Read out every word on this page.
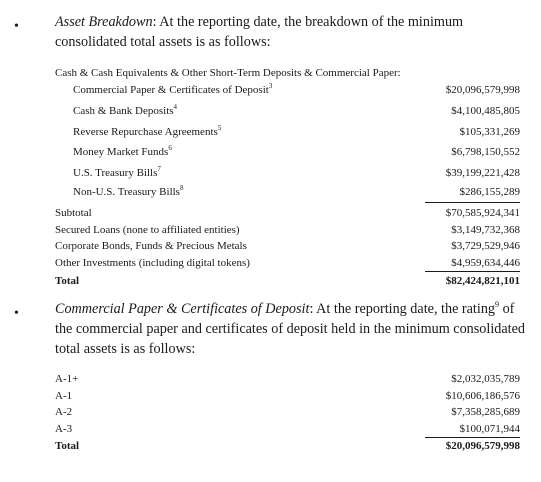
•	Asset Breakdown: At the reporting date, the breakdown of the minimum consolidated total assets is as follows:
Cash & Cash Equivalents & Other Short-Term Deposits & Commercial Paper:
Commercial Paper & Certificates of Deposit$^3$	$20,096,579,998
Cash & Bank Deposits$^4$	$4,100,485,805
Reverse Repurchase Agreements$^5$	$105,331,269
Money Market Funds$^6$	$6,798,150,552
U.S. Treasury Bills$^7$	$39,199,221,428
Non-U.S. Treasury Bills$^8$	$286,155,289
Subtotal	$70,585,924,341
Secured Loans (none to affiliated entities)	$3,149,732,368
Corporate Bonds, Funds & Precious Metals	$3,729,529,946
Other Investments (including digital tokens)	$4,959,634,446
Total	$82,424,821,101
•	Commercial Paper & Certificates of Deposit: At the reporting date, the rating$^9$ of the commercial paper and certificates of deposit held in the minimum consolidated total assets is as follows:
A-1+	$2,032,035,789
A-1	$10,606,186,576
A-2	$7,358,285,689
A-3	$100,071,944
Total	$20,096,579,998
